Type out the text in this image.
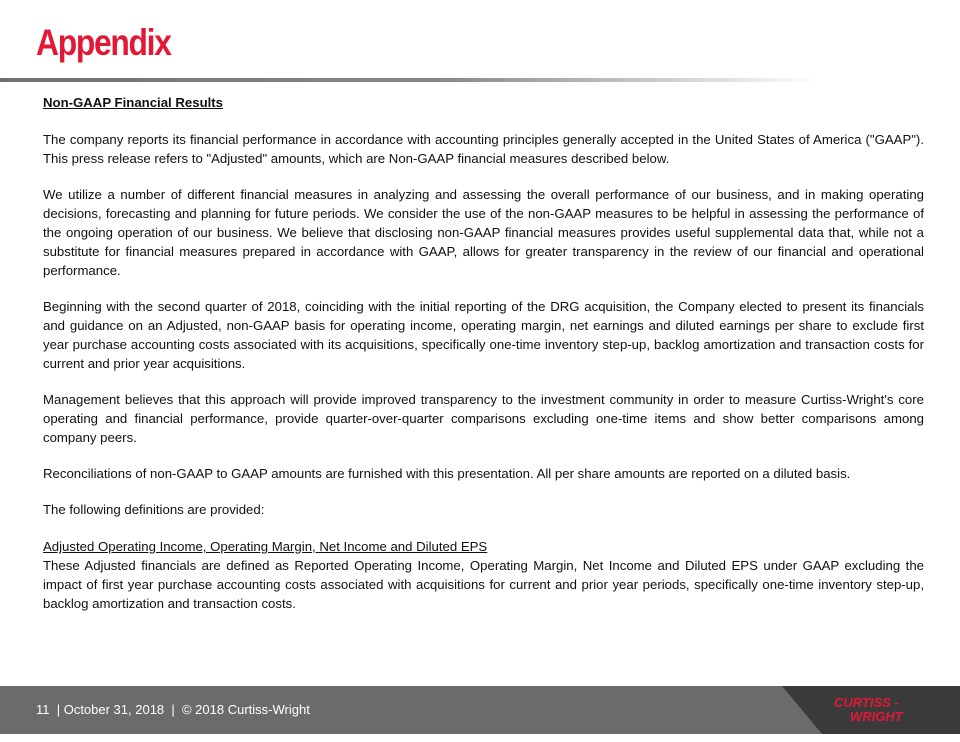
Appendix

Non-GAAP Financial Results

The company reports its financial performance in accordance with accounting principles generally accepted in the United States of America ("GAAP"). This press release refers to "Adjusted" amounts, which are Non-GAAP financial measures described below.

We utilize a number of different financial measures in analyzing and assessing the overall performance of our business, and in making operating decisions, forecasting and planning for future periods. We consider the use of the non-GAAP measures to be helpful in assessing the performance of the ongoing operation of our business. We believe that disclosing non-GAAP financial measures provides useful supplemental data that, while not a substitute for financial measures prepared in accordance with GAAP, allows for greater transparency in the review of our financial and operational performance.

Beginning with the second quarter of 2018, coinciding with the initial reporting of the DRG acquisition, the Company elected to present its financials and guidance on an Adjusted, non-GAAP basis for operating income, operating margin, net earnings and diluted earnings per share to exclude first year purchase accounting costs associated with its acquisitions, specifically one-time inventory step-up, backlog amortization and transaction costs for current and prior year acquisitions.

Management believes that this approach will provide improved transparency to the investment community in order to measure Curtiss-Wright's core operating and financial performance, provide quarter-over-quarter comparisons excluding one-time items and show better comparisons among company peers.

Reconciliations of non-GAAP to GAAP amounts are furnished with this presentation. All per share amounts are reported on a diluted basis.

The following definitions are provided:

Adjusted Operating Income, Operating Margin, Net Income and Diluted EPS

These Adjusted financials are defined as Reported Operating Income, Operating Margin, Net Income and Diluted EPS under GAAP excluding the impact of first year purchase accounting costs associated with acquisitions for current and prior year periods, specifically one-time inventory step-up, backlog amortization and transaction costs.

11  | October 31, 2018  |  © 2018 Curtiss-Wright	CURTISS -
WRIGHT
